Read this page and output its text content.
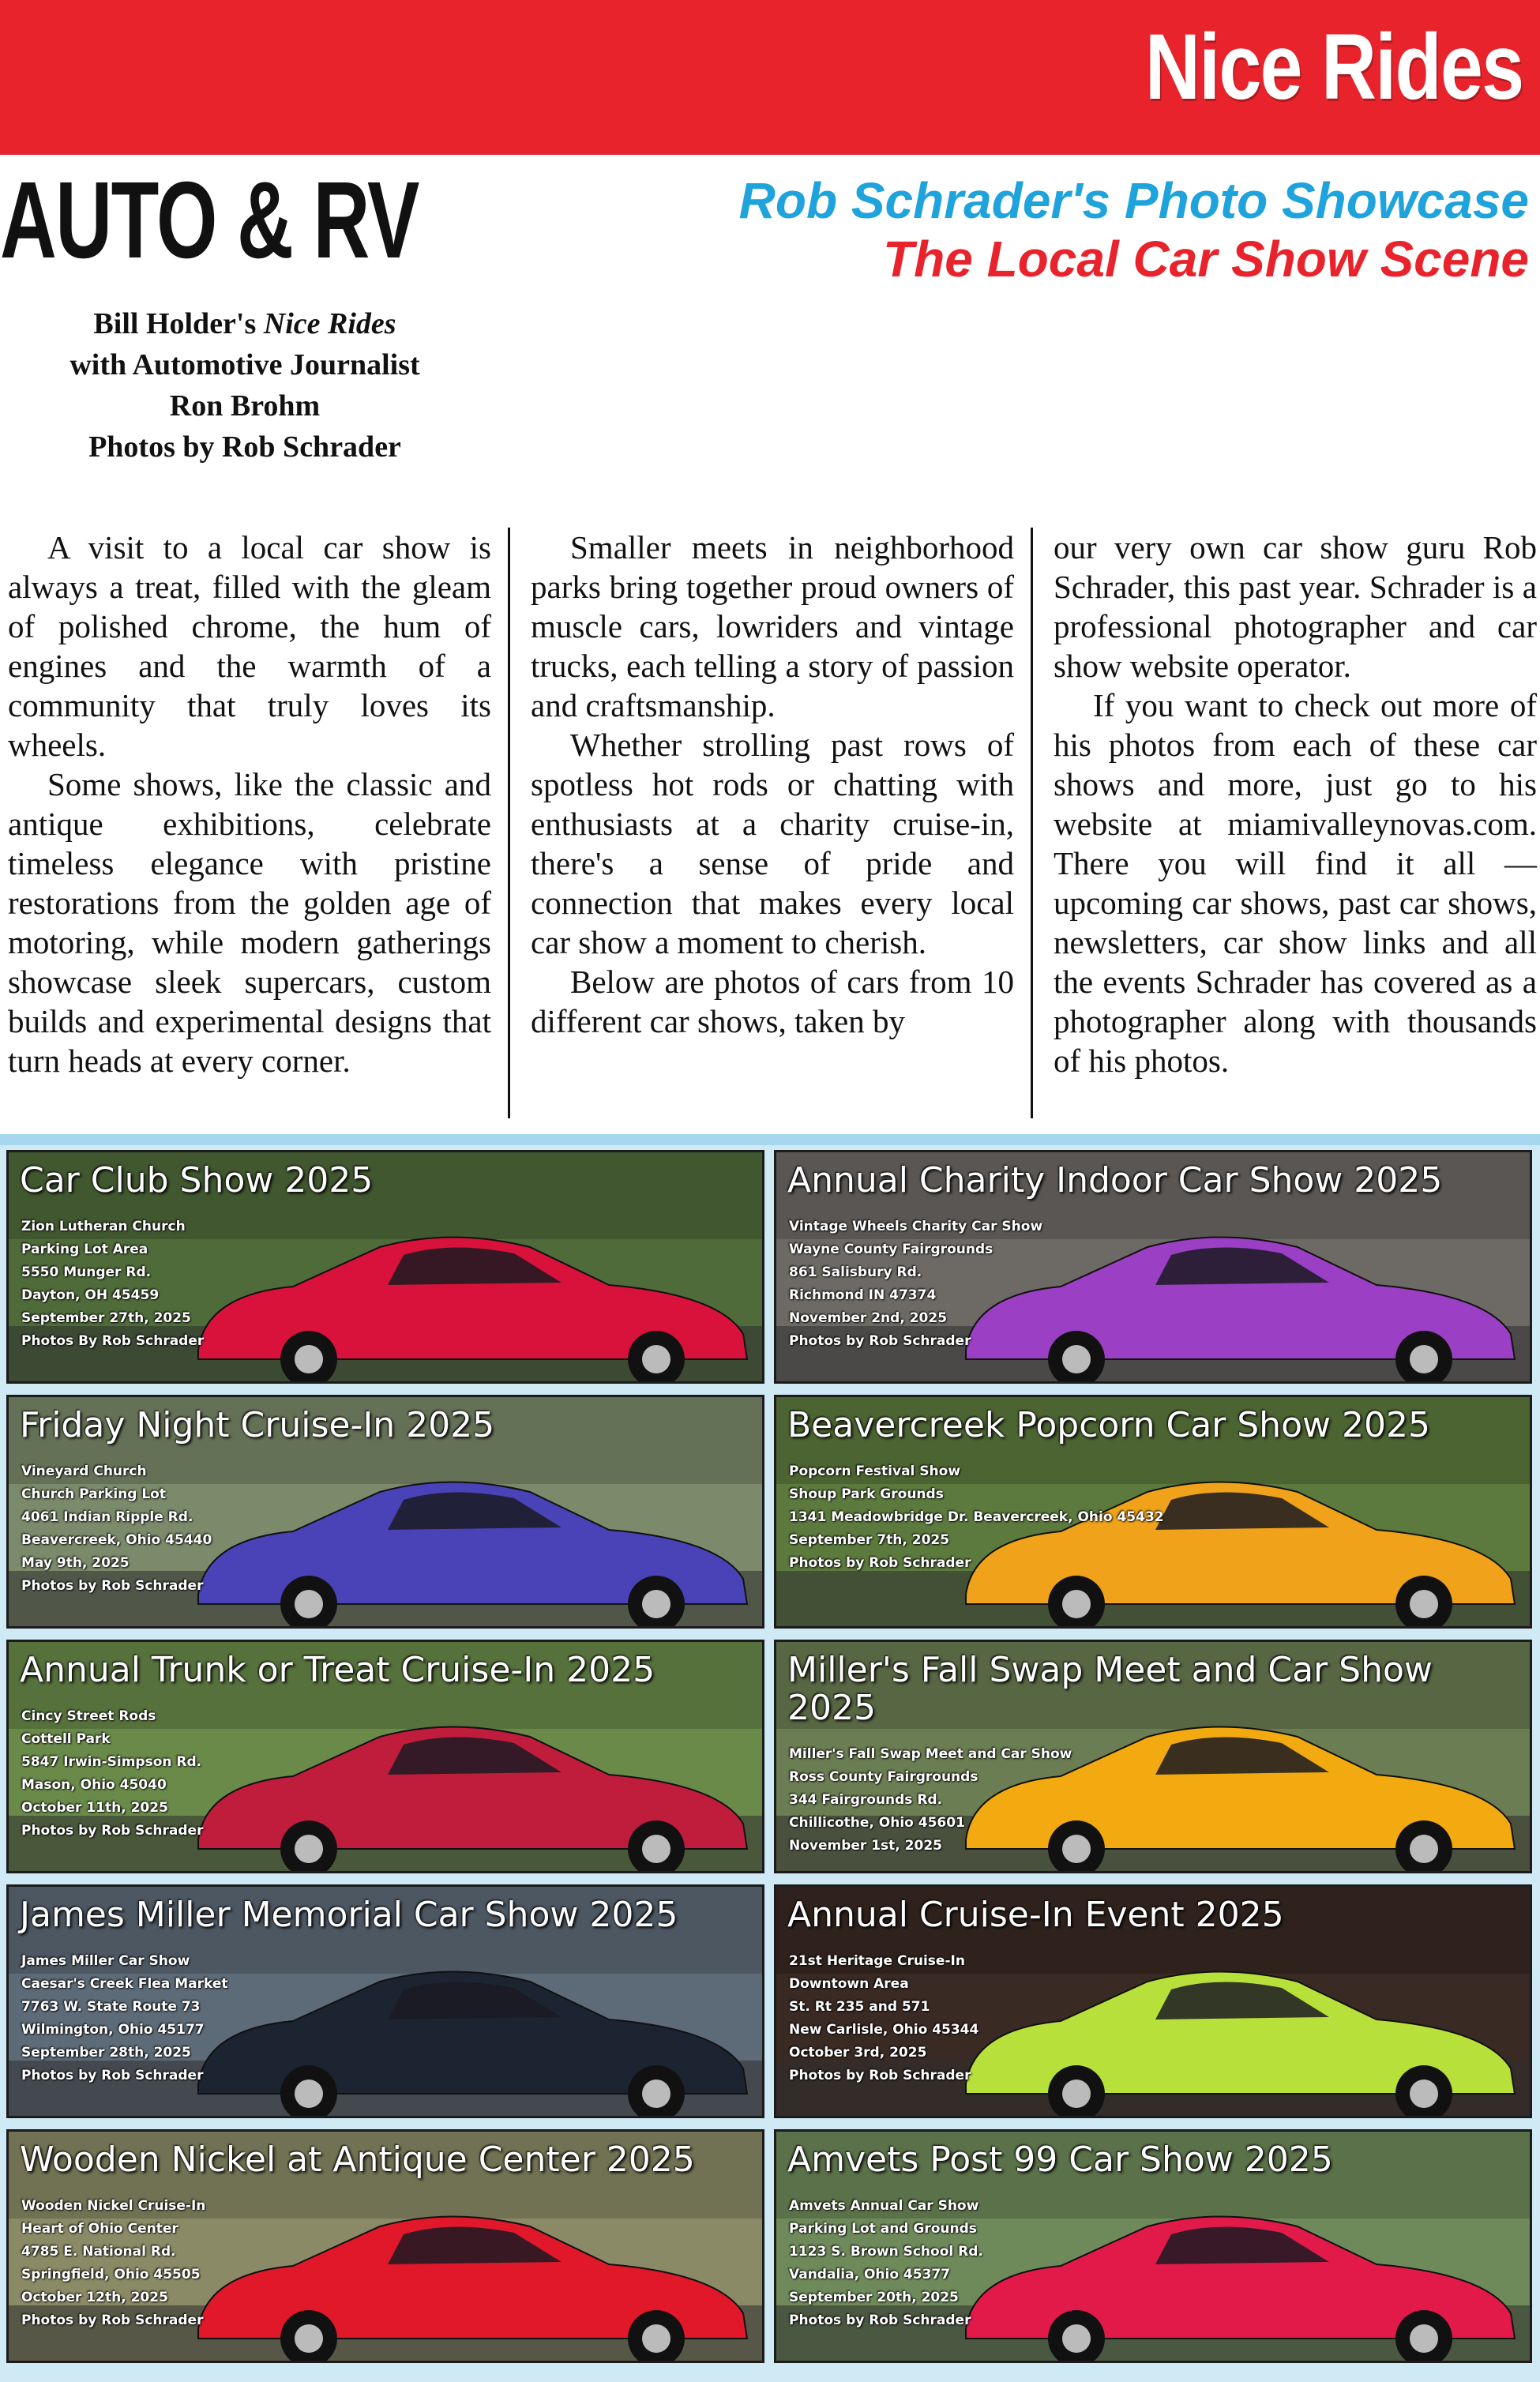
Nice Rides
AUTO & RV	Rob Schrader's Photo Showcase
The Local Car Show Scene
Bill Holder's Nice Rides
with Automotive Journalist
Ron Brohm
Photos by Rob Schrader

A visit to a local car show is always a treat, filled with the gleam of polished chrome, the hum of engines and the warmth of a community that truly loves its wheels.

Some shows, like the classic and antique exhibitions, celebrate timeless elegance with pristine restorations from the golden age of motoring, while modern gatherings showcase sleek supercars, custom builds and experimental designs that turn heads at every corner.

Smaller meets in neighborhood parks bring together proud owners of muscle cars, lowriders and vintage trucks, each telling a story of passion and craftsmanship.

Whether strolling past rows of spotless hot rods or chatting with enthusiasts at a charity cruise-in, there's a sense of pride and connection that makes every local car show a moment to cherish.

Below are photos of cars from 10 different car shows, taken by

our very own car show guru Rob Schrader, this past year. Schrader is a professional photographer and car show website operator.

If you want to check out more of his photos from each of these car shows and more, just go to his website at miamivalleynovas.com. There you will find it all — upcoming car shows, past car shows, newsletters, car show links and all the events Schrader has covered as a photographer along with thousands of his photos.

Car Club Show 2025
Zion Lutheran Church
Parking Lot Area
5550 Munger Rd.
Dayton, OH 45459
September 27th, 2025
Photos By Rob Schrader
Annual Charity Indoor Car Show 2025
Vintage Wheels Charity Car Show
Wayne County Fairgrounds
861 Salisbury Rd.
Richmond IN 47374
November 2nd, 2025
Photos by Rob Schrader
Friday Night Cruise-In 2025
Vineyard Church
Church Parking Lot
4061 Indian Ripple Rd.
Beavercreek, Ohio 45440
May 9th, 2025
Photos by Rob Schrader
Beavercreek Popcorn Car Show 2025
Popcorn Festival Show
Shoup Park Grounds
1341 Meadowbridge Dr. Beavercreek, Ohio 45432
September 7th, 2025
Photos by Rob Schrader
Annual Trunk or Treat Cruise-In 2025
Cincy Street Rods
Cottell Park
5847 Irwin-Simpson Rd.
Mason, Ohio 45040
October 11th, 2025
Photos by Rob Schrader
Miller's Fall Swap Meet and Car Show
2025
Miller's Fall Swap Meet and Car Show
Ross County Fairgrounds
344 Fairgrounds Rd.
Chillicothe, Ohio 45601
November 1st, 2025
James Miller Memorial Car Show 2025
James Miller Car Show
Caesar's Creek Flea Market
7763 W. State Route 73
Wilmington, Ohio 45177
September 28th, 2025
Photos by Rob Schrader
Annual Cruise-In Event 2025
21st Heritage Cruise-In
Downtown Area
St. Rt 235 and 571
New Carlisle, Ohio 45344
October 3rd, 2025
Photos by Rob Schrader
Wooden Nickel at Antique Center 2025
Wooden Nickel Cruise-In
Heart of Ohio Center
4785 E. National Rd.
Springfield, Ohio 45505
October 12th, 2025
Photos by Rob Schrader
Amvets Post 99 Car Show 2025
Amvets Annual Car Show
Parking Lot and Grounds
1123 S. Brown School Rd.
Vandalia, Ohio 45377
September 20th, 2025
Photos by Rob Schrader
